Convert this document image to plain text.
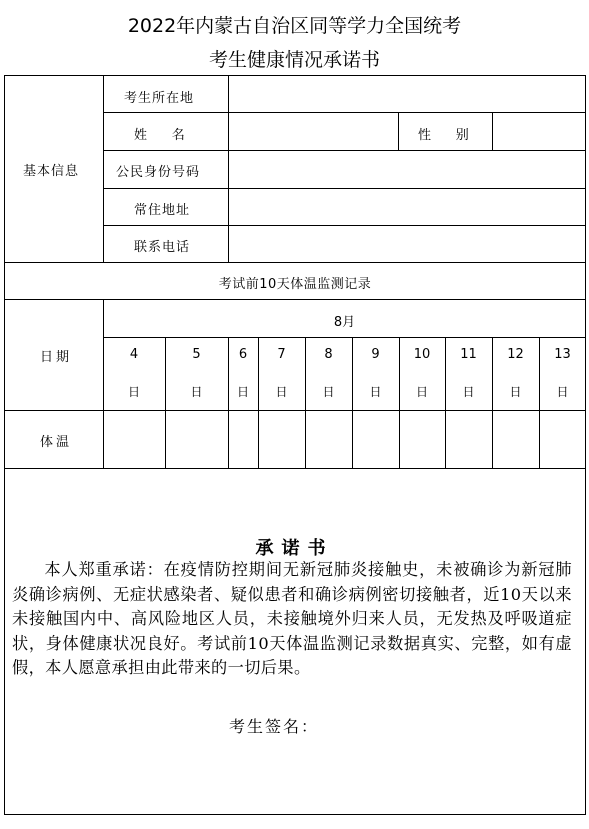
2022年内蒙古自治区同等学力全国统考
考生健康情况承诺书
基本信息
考生所在地
姓      名	性      别
公民身份号码
常住地址
联系电话
考试前10天体温监测记录
日期
8月
体温
4
日
5
日
6
日
7
日
8
日
9
日
10
日
11
日
12
日
13
日
承诺书
本人郑重承诺：在疫情防控期间无新冠肺炎接触史，未被确诊为新冠肺炎确诊病例、无症状感染者、疑似患者和确诊病例密切接触者，近10天以来未接触国内中、高风险地区人员，未接触境外归来人员，无发热及呼吸道症状，身体健康状况良好。考试前10天体温监测记录数据真实、完整，如有虚假，本人愿意承担由此带来的一切后果。
考生签名：
